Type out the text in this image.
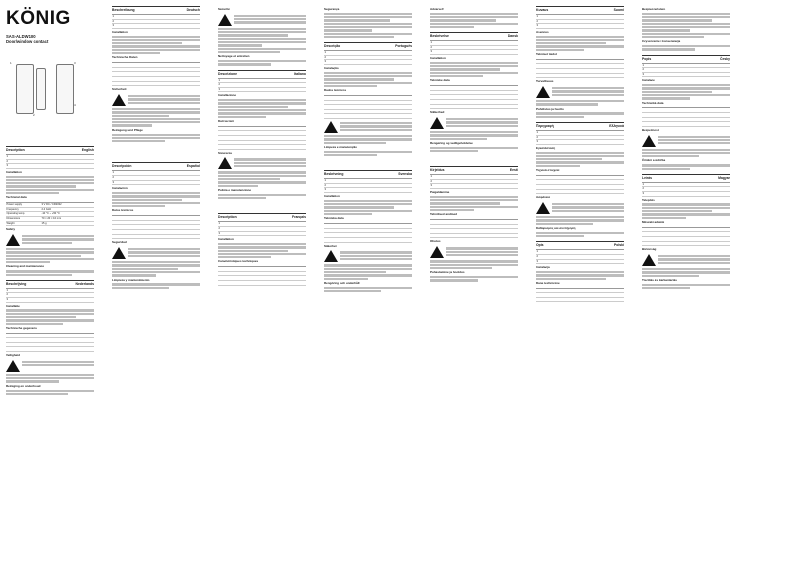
KÖNIG
SAS-ALDW100
Door/window contact
1
2
3
4
Description	English
1

2

3

Installation
Technical data
Power supply	3 V DC / CR2032
Frequency	2.4 GHz
Operating temp.	-10 °C ~ +50 °C
Dimensions	70 × 20 × 10 mm
Weight	15 g
Safety
Cleaning and maintenance
Beschrijving	Nederlands
1
2
3
Installatie
Technische gegevens
Veiligheid
Reiniging en onderhoud
Beschreibung	Deutsch
1
2
3
Installation
Technische Daten
Sicherheit
Reinigung und Pflege
Descripción	Español
1
2
3
Instalación
Datos técnicos
Seguridad
Limpieza y mantenimiento
Sécurité
Nettoyage et entretien
Descrizione	Italiano
1
2
3
Installazione
Dati tecnici
Sicurezza
Pulizia e manutenzione
Description	Français
1
2
3
Installation
Caractéristiques techniques
Segurança
Descrição	Português
1
2
3
Instalação
Dados técnicos
Limpeza e manutenção
Beskrivning	Svenska
1
2
3
Installation
Tekniska data
Säkerhet
Rengöring och underhåll
Advarsel!
Beskrivelse	Dansk
1
2
3
Installation
Tekniske data
Sikkerhed
Rengøring og vedligeholdelse
Kirjeldus	Eesti
1
2
3
Paigaldamine
Tehnilised andmed
Ohutus
Puhastamine ja hooldus
Kuvaus	Suomi
1
2
3
Asennus
Tekniset tiedot
Turvallisuus
Puhdistus ja huolto
Περιγραφή	Ελληνικά
1
2
3
Εγκατάσταση
Τεχνικά στοιχεία
Ασφάλεια
Καθαρισμός και συντήρηση
Opis	Polski
1
2
3
Instalacja
Dane techniczne
Bezpieczeństwo
Czyszczenie i konserwacja
Popis	Česky
1
2
3
Instalace
Technická data
Bezpečnost
Čištění a údržba
Leírás	Magyar
1
2
3
Telepítés
Műszaki adatok
Biztonság
Tisztítás és karbantartás
